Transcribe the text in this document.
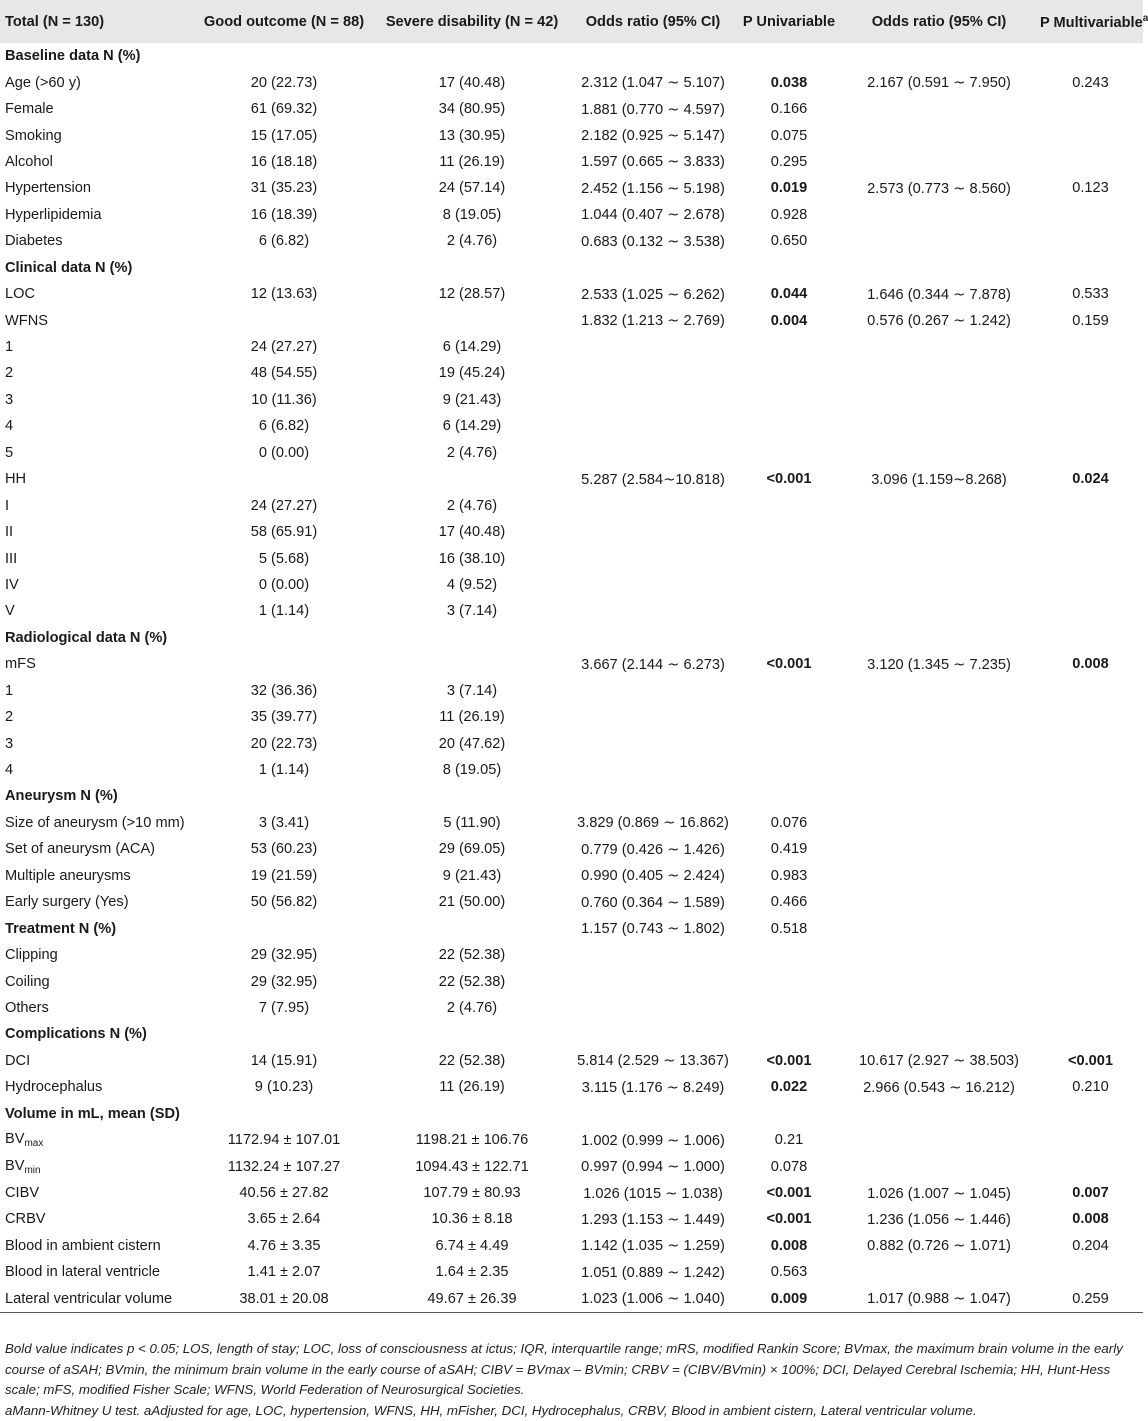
Total (N = 130)	Good outcome (N = 88)	Severe disability (N = 42)	Odds ratio (95% CI)	P Univariable	Odds ratio (95% CI)	P Multivariable$^a$
Baseline data N (%)						
Age (>60 y)	20 (22.73)	17 (40.48)	2.312 (1.047 ∼ 5.107)	0.038	2.167 (0.591 ∼ 7.950)	0.243
Female	61 (69.32)	34 (80.95)	1.881 (0.770 ∼ 4.597)	0.166		
Smoking	15 (17.05)	13 (30.95)	2.182 (0.925 ∼ 5.147)	0.075		
Alcohol	16 (18.18)	11 (26.19)	1.597 (0.665 ∼ 3.833)	0.295		
Hypertension	31 (35.23)	24 (57.14)	2.452 (1.156 ∼ 5.198)	0.019	2.573 (0.773 ∼ 8.560)	0.123
Hyperlipidemia	16 (18.39)	8 (19.05)	1.044 (0.407 ∼ 2.678)	0.928		
Diabetes	6 (6.82)	2 (4.76)	0.683 (0.132 ∼ 3.538)	0.650		
Clinical data N (%)						
LOC	12 (13.63)	12 (28.57)	2.533 (1.025 ∼ 6.262)	0.044	1.646 (0.344 ∼ 7.878)	0.533
WFNS			1.832 (1.213 ∼ 2.769)	0.004	0.576 (0.267 ∼ 1.242)	0.159
1	24 (27.27)	6 (14.29)				
2	48 (54.55)	19 (45.24)				
3	10 (11.36)	9 (21.43)				
4	6 (6.82)	6 (14.29)				
5	0 (0.00)	2 (4.76)				
HH			5.287 (2.584∼10.818)	<0.001	3.096 (1.159∼8.268)	0.024
I	24 (27.27)	2 (4.76)				
II	58 (65.91)	17 (40.48)				
III	5 (5.68)	16 (38.10)				
IV	0 (0.00)	4 (9.52)				
V	1 (1.14)	3 (7.14)				
Radiological data N (%)						
mFS			3.667 (2.144 ∼ 6.273)	<0.001	3.120 (1.345 ∼ 7.235)	0.008
1	32 (36.36)	3 (7.14)				
2	35 (39.77)	11 (26.19)				
3	20 (22.73)	20 (47.62)				
4	1 (1.14)	8 (19.05)				
Aneurysm N (%)						
Size of aneurysm (>10 mm)	3 (3.41)	5 (11.90)	3.829 (0.869 ∼ 16.862)	0.076		
Set of aneurysm (ACA)	53 (60.23)	29 (69.05)	0.779 (0.426 ∼ 1.426)	0.419		
Multiple aneurysms	19 (21.59)	9 (21.43)	0.990 (0.405 ∼ 2.424)	0.983		
Early surgery (Yes)	50 (56.82)	21 (50.00)	0.760 (0.364 ∼ 1.589)	0.466		
Treatment N (%)			1.157 (0.743 ∼ 1.802)	0.518		
Clipping	29 (32.95)	22 (52.38)				
Coiling	29 (32.95)	22 (52.38)				
Others	7 (7.95)	2 (4.76)				
Complications N (%)						
DCI	14 (15.91)	22 (52.38)	5.814 (2.529 ∼ 13.367)	<0.001	10.617 (2.927 ∼ 38.503)	<0.001
Hydrocephalus	9 (10.23)	11 (26.19)	3.115 (1.176 ∼ 8.249)	0.022	2.966 (0.543 ∼ 16.212)	0.210
Volume in mL, mean (SD)						
$BV_{max}$	1172.94 ± 107.01	1198.21 ± 106.76	1.002 (0.999 ∼ 1.006)	0.21		
$BV_{min}$	1132.24 ± 107.27	1094.43 ± 122.71	0.997 (0.994 ∼ 1.000)	0.078		
CIBV	40.56 ± 27.82	107.79 ± 80.93	1.026 (1015 ∼ 1.038)	<0.001	1.026 (1.007 ∼ 1.045)	0.007
CRBV	3.65 ± 2.64	10.36 ± 8.18	1.293 (1.153 ∼ 1.449)	<0.001	1.236 (1.056 ∼ 1.446)	0.008
Blood in ambient cistern	4.76 ± 3.35	6.74 ± 4.49	1.142 (1.035 ∼ 1.259)	0.008	0.882 (0.726 ∼ 1.071)	0.204
Blood in lateral ventricle	1.41 ± 2.07	1.64 ± 2.35	1.051 (0.889 ∼ 1.242)	0.563		
Lateral ventricular volume	38.01 ± 20.08	49.67 ± 26.39	1.023 (1.006 ∼ 1.040)	0.009	1.017 (0.988 ∼ 1.047)	0.259

Bold value indicates p < 0.05; LOS, length of stay; LOC, loss of consciousness at ictus; IQR, interquartile range; mRS, modified Rankin Score; BVmax, the maximum brain volume in the early course of aSAH; BVmin, the minimum brain volume in the early course of aSAH; CIBV = BVmax – BVmin; CRBV = (CIBV/BVmin) × 100%; DCI, Delayed Cerebral Ischemia; HH, Hunt-Hess scale; mFS, modified Fisher Scale; WFNS, World Federation of Neurosurgical Societies.

aMann-Whitney U test. aAdjusted for age, LOC, hypertension, WFNS, HH, mFisher, DCI, Hydrocephalus, CRBV, Blood in ambient cistern, Lateral ventricular volume.
